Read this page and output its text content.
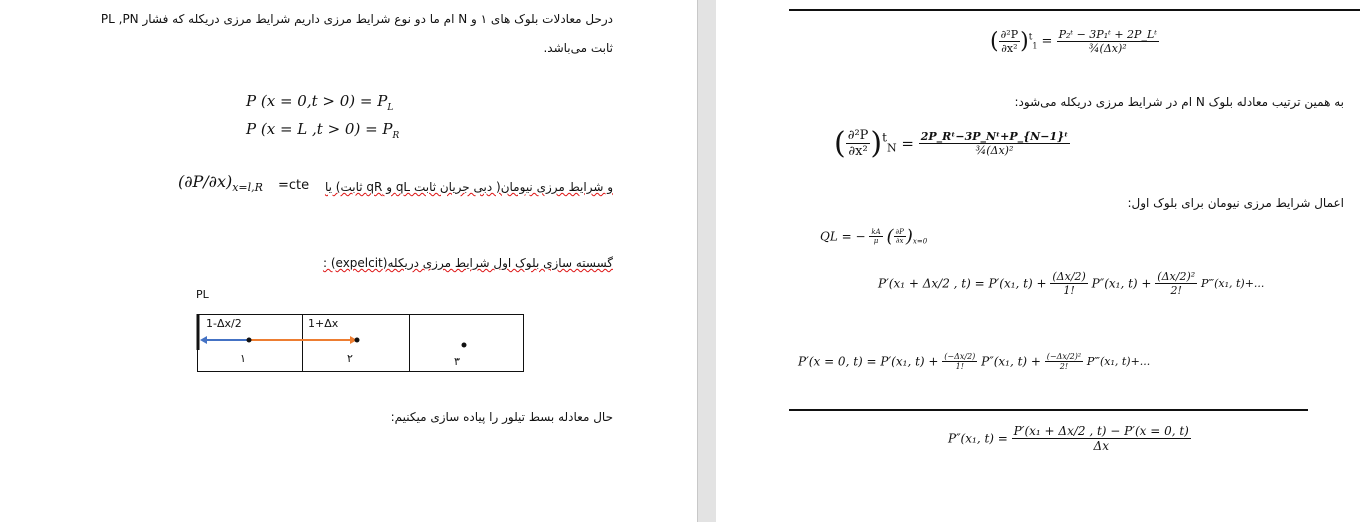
درحل معادلات بلوک های ۱ و N ام ما دو نوع شرایط مرزی داریم شرایط مرزی دریکله که فشار PL ,PN
ثابت می‌باشد.
P $(x = 0,t > 0) = P_L$
P (x = L $,t > 0) = P_R$
$(\partial P/\partial x)_{x=l,R} =cte$ و شرایط مرزی نیومان( دبی جریان ثابت qL و qR ثابت) یا
گسسته سازی بلوک اول شرایط مرزی دریکله(expelcit) :
PL
1-Δx/2	1+Δx
۱	۲	۳
حال معادله بسط تیلور را پیاده سازی میکنیم:
( $\frac{\text{∂²P}}{\text{∂x²}} )^t_1 = \frac{\text{P₂ᵗ − 3P₁ᵗ + 2P\_Lᵗ}}{\text{¾(Δx)²}}$
به همین ترتیب معادله بلوک N ام در شرایط مرزی دریکله می‌شود:
( $\frac{\text{∂²P}}{\text{∂x²}} )^t_N = \frac{\text{2P\_Rᵗ−3P\_Nᵗ+P\_\{N−1\}ᵗ}}{\text{¾(Δx)²}}$
اعمال شرایط مرزی نیومان برای بلوک اول:
QL = − $\frac{kA}{\mu}$ ( $\frac{\partial P}{\partial x} )_{x=0}$
P′(x₁ + Δx/2 , t) = P′(x₁, $t) + \frac{(\Delta x/2)}{1!} P''(x_1$, $t) + \frac{\text{(Δx/2)²}}{2!}$ P‴(x₁, t)+...
P′(x = 0, t) = P′(x₁, $t) + \frac{(-\Delta x/2)}{1!} P''(x_1$, $t) + \frac{\text{(−Δx/2)²}}{2!}$ P‴(x₁, t)+...
P″(x₁, $t) = \frac{\text{P′(x₁ + Δx/2 , t) − P′(x = 0, t)}}{\Delta x}$
